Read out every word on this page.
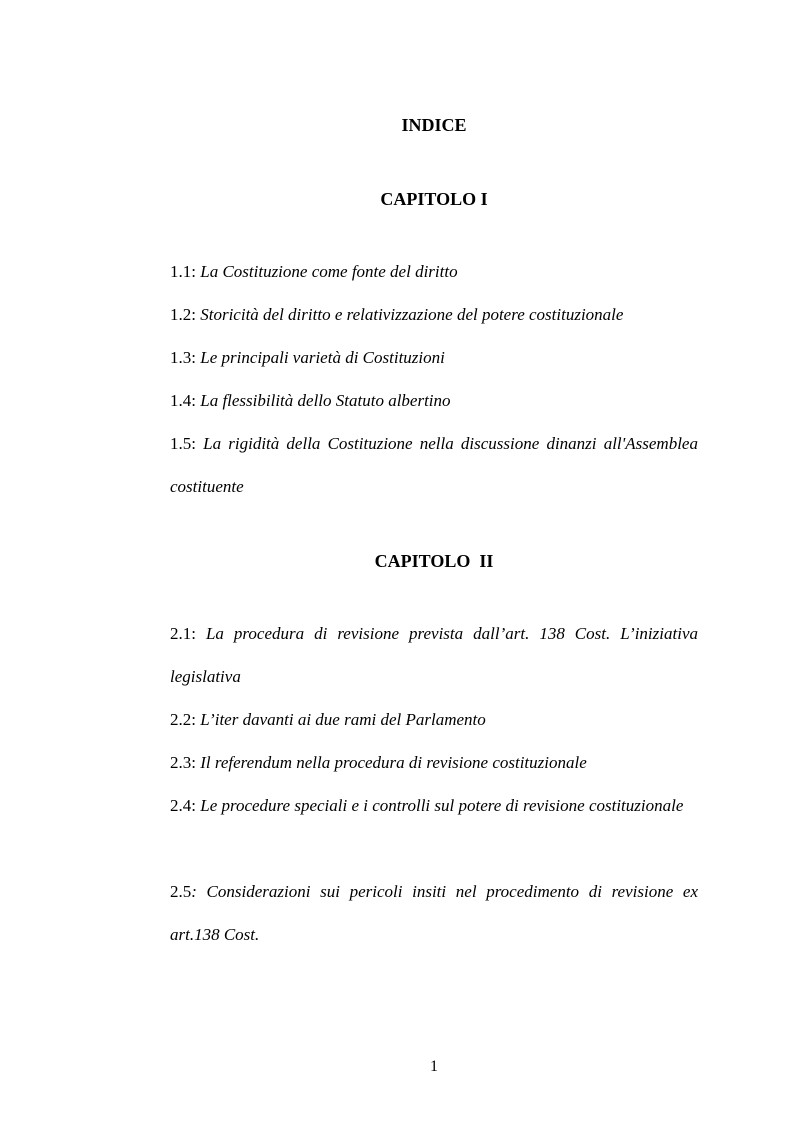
INDICE
CAPITOLO I
1.1: La Costituzione come fonte del diritto
1.2: Storicità del diritto e relativizzazione del potere costituzionale
1.3: Le principali varietà di Costituzioni
1.4: La flessibilità dello Statuto albertino
1.5: La rigidità della Costituzione nella discussione dinanzi all'Assemblea costituente
CAPITOLO  II
2.1: La procedura di revisione prevista dall’art. 138 Cost. L’iniziativa legislativa
2.2: L’iter davanti ai due rami del Parlamento
2.3: Il referendum nella procedura di revisione costituzionale
2.4: Le procedure speciali e i controlli sul potere di revisione costituzionale
2.5: Considerazioni sui pericoli insiti nel procedimento di revisione ex art.138 Cost.
1
